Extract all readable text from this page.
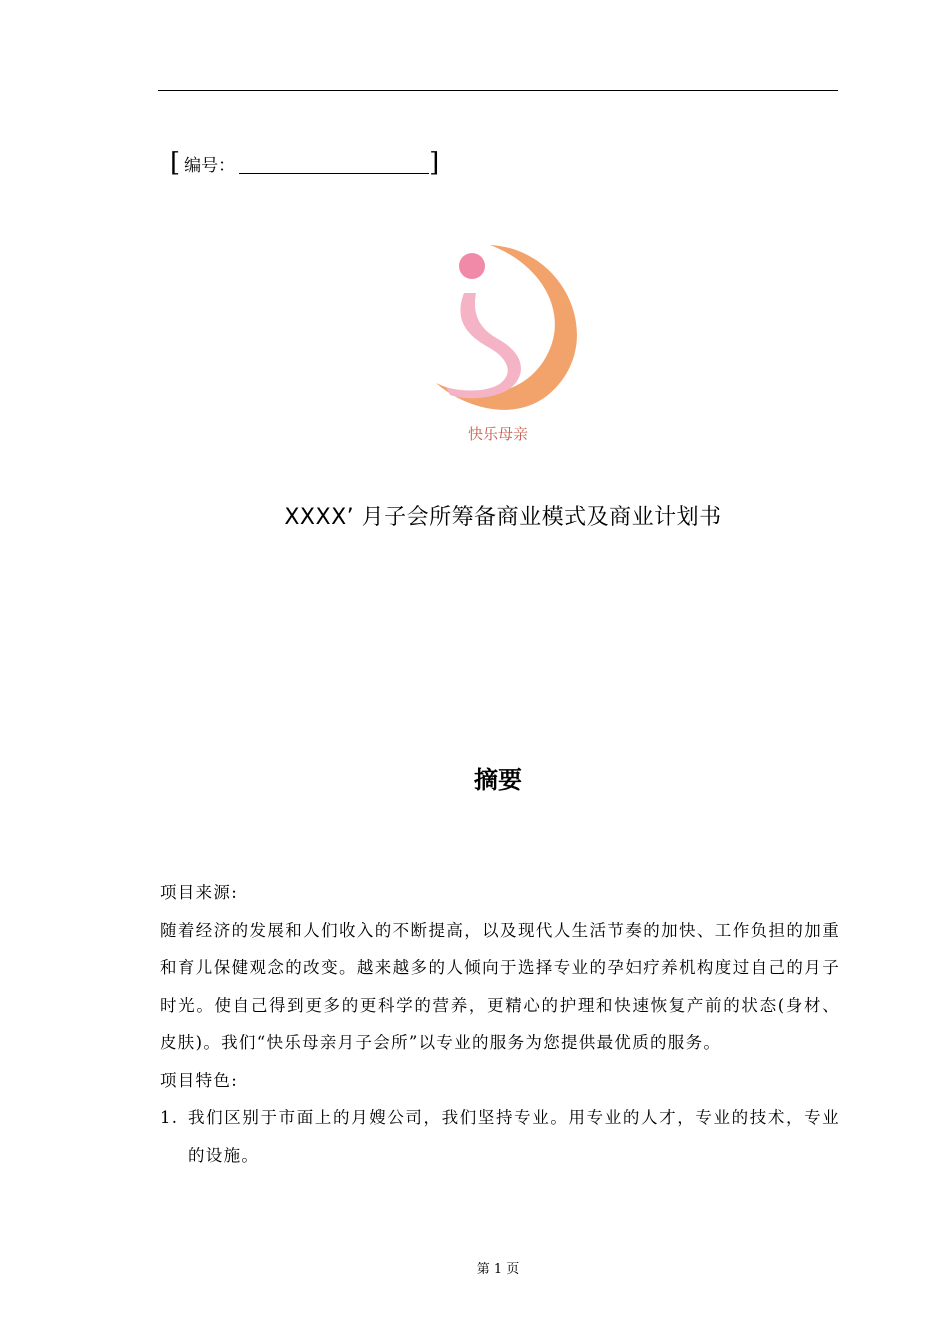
[ 编号：	]
快乐母亲
XXXX’ 月子会所筹备商业模式及商业计划书
摘要

项目来源:

随着经济的发展和人们收入的不断提高，以及现代人生活节奏的加快、工作负担的加重和育儿保健观念的改变。越来越多的人倾向于选择专业的孕妇疗养机构度过自己的月子时光。使自己得到更多的更科学的营养，更精心的护理和快速恢复产前的状态(身材、皮肤)。我们“快乐母亲月子会所”以专业的服务为您提供最优质的服务。

项目特色:

1. 我们区别于市面上的月嫂公司，我们坚持专业。用专业的人才，专业的技术，专业的设施。
第 1 页
